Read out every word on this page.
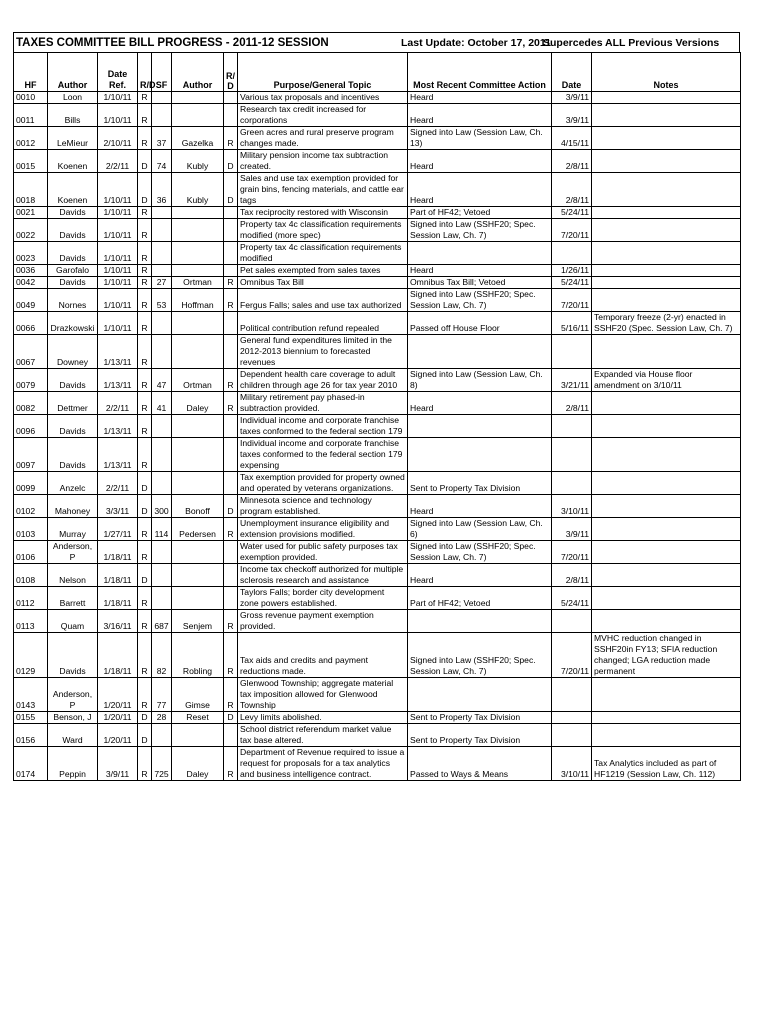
TAXES COMMITTEE BILL PROGRESS - 2011-12 SESSION	Last Update: October 17, 2011
Supercedes ALL Previous Versions
HF	Author	Date Ref.	R/D	SF	Author	R/ D	Purpose/General Topic	Most Recent Committee Action	Date	Notes
0010	Loon	1/10/11	R				Various tax proposals and incentives	Heard	3/9/11	
0011	Bills	1/10/11	R				Research tax credit increased for corporations	Heard	3/9/11	
0012	LeMieur	2/10/11	R	37	Gazelka	R	Green acres and rural preserve program changes made.	Signed into Law (Session Law, Ch. 13)	4/15/11	
0015	Koenen	2/2/11	D	74	Kubly	D	Military pension income tax subtraction created.	Heard	2/8/11	
0018	Koenen	1/10/11	D	36	Kubly	D	Sales and use tax exemption provided for grain bins, fencing materials, and cattle ear tags	Heard	2/8/11	
0021	Davids	1/10/11	R				Tax reciprocity restored with Wisconsin	Part of HF42; Vetoed	5/24/11	
0022	Davids	1/10/11	R				Property tax 4c classification requirements modified (more spec)	Signed into Law (SSHF20; Spec. Session Law, Ch. 7)	7/20/11	
0023	Davids	1/10/11	R				Property tax 4c classification requirements modified			
0036	Garofalo	1/10/11	R				Pet sales exempted from sales taxes	Heard	1/26/11	
0042	Davids	1/10/11	R	27	Ortman	R	Omnibus Tax Bill	Omnibus Tax Bill; Vetoed	5/24/11	
0049	Nornes	1/10/11	R	53	Hoffman	R	Fergus Falls; sales and use tax authorized	Signed into Law (SSHF20; Spec. Session Law, Ch. 7)	7/20/11	
0066	Drazkowski	1/10/11	R				Political contribution refund repealed	Passed off House Floor	5/16/11	Temporary freeze (2-yr) enacted in SSHF20 (Spec. Session Law, Ch. 7)
0067	Downey	1/13/11	R				General fund expenditures limited in the 2012-2013 biennium to forecasted revenues			
0079	Davids	1/13/11	R	47	Ortman	R	Dependent health care coverage to adult children through age 26 for tax year 2010	Signed into Law (Session Law, Ch. 8)	3/21/11	Expanded via House floor amendment on 3/10/11
0082	Dettmer	2/2/11	R	41	Daley	R	Military retirement pay phased-in subtraction provided.	Heard	2/8/11	
0096	Davids	1/13/11	R				Individual income and corporate franchise taxes conformed to the federal section 179			
0097	Davids	1/13/11	R				Individual income and corporate franchise taxes conformed to the federal section 179 expensing			
0099	Anzelc	2/2/11	D				Tax exemption provided for property owned and operated by veterans organizations.	Sent to Property Tax Division		
0102	Mahoney	3/3/11	D	300	Bonoff	D	Minnesota science and technology program established.	Heard	3/10/11	
0103	Murray	1/27/11	R	114	Pedersen	R	Unemployment insurance eligibility and extension provisions modified.	Signed into Law (Session Law, Ch. 6)	3/9/11	
0106	Anderson, P	1/18/11	R				Water used for public safety purposes tax exemption provided.	Signed into Law (SSHF20; Spec. Session Law, Ch. 7)	7/20/11	
0108	Nelson	1/18/11	D				Income tax checkoff authorized for multiple sclerosis research and assistance	Heard	2/8/11	
0112	Barrett	1/18/11	R				Taylors Falls; border city development zone powers established.	Part of HF42; Vetoed	5/24/11	
0113	Quam	3/16/11	R	687	Senjem	R	Gross revenue payment exemption provided.			
0129	Davids	1/18/11	R	82	Robling	R	Tax aids and credits and payment reductions made.	Signed into Law (SSHF20; Spec. Session Law, Ch. 7)	7/20/11	MVHC reduction changed in SSHF20in FY13; SFIA reduction changed; LGA reduction made permanent
0143	Anderson, P	1/20/11	R	77	Gimse	R	Glenwood Township; aggregate material tax imposition allowed for Glenwood Township			
0155	Benson, J	1/20/11	D	28	Reset	D	Levy limits abolished.	Sent to Property Tax Division		
0156	Ward	1/20/11	D				School district referendum market value tax base altered.	Sent to Property Tax Division		
0174	Peppin	3/9/11	R	725	Daley	R	Department of Revenue required to issue a request for proposals for a tax analytics and business intelligence contract.	Passed to Ways & Means	3/10/11	Tax Analytics included as part of HF1219 (Session Law, Ch. 112)
